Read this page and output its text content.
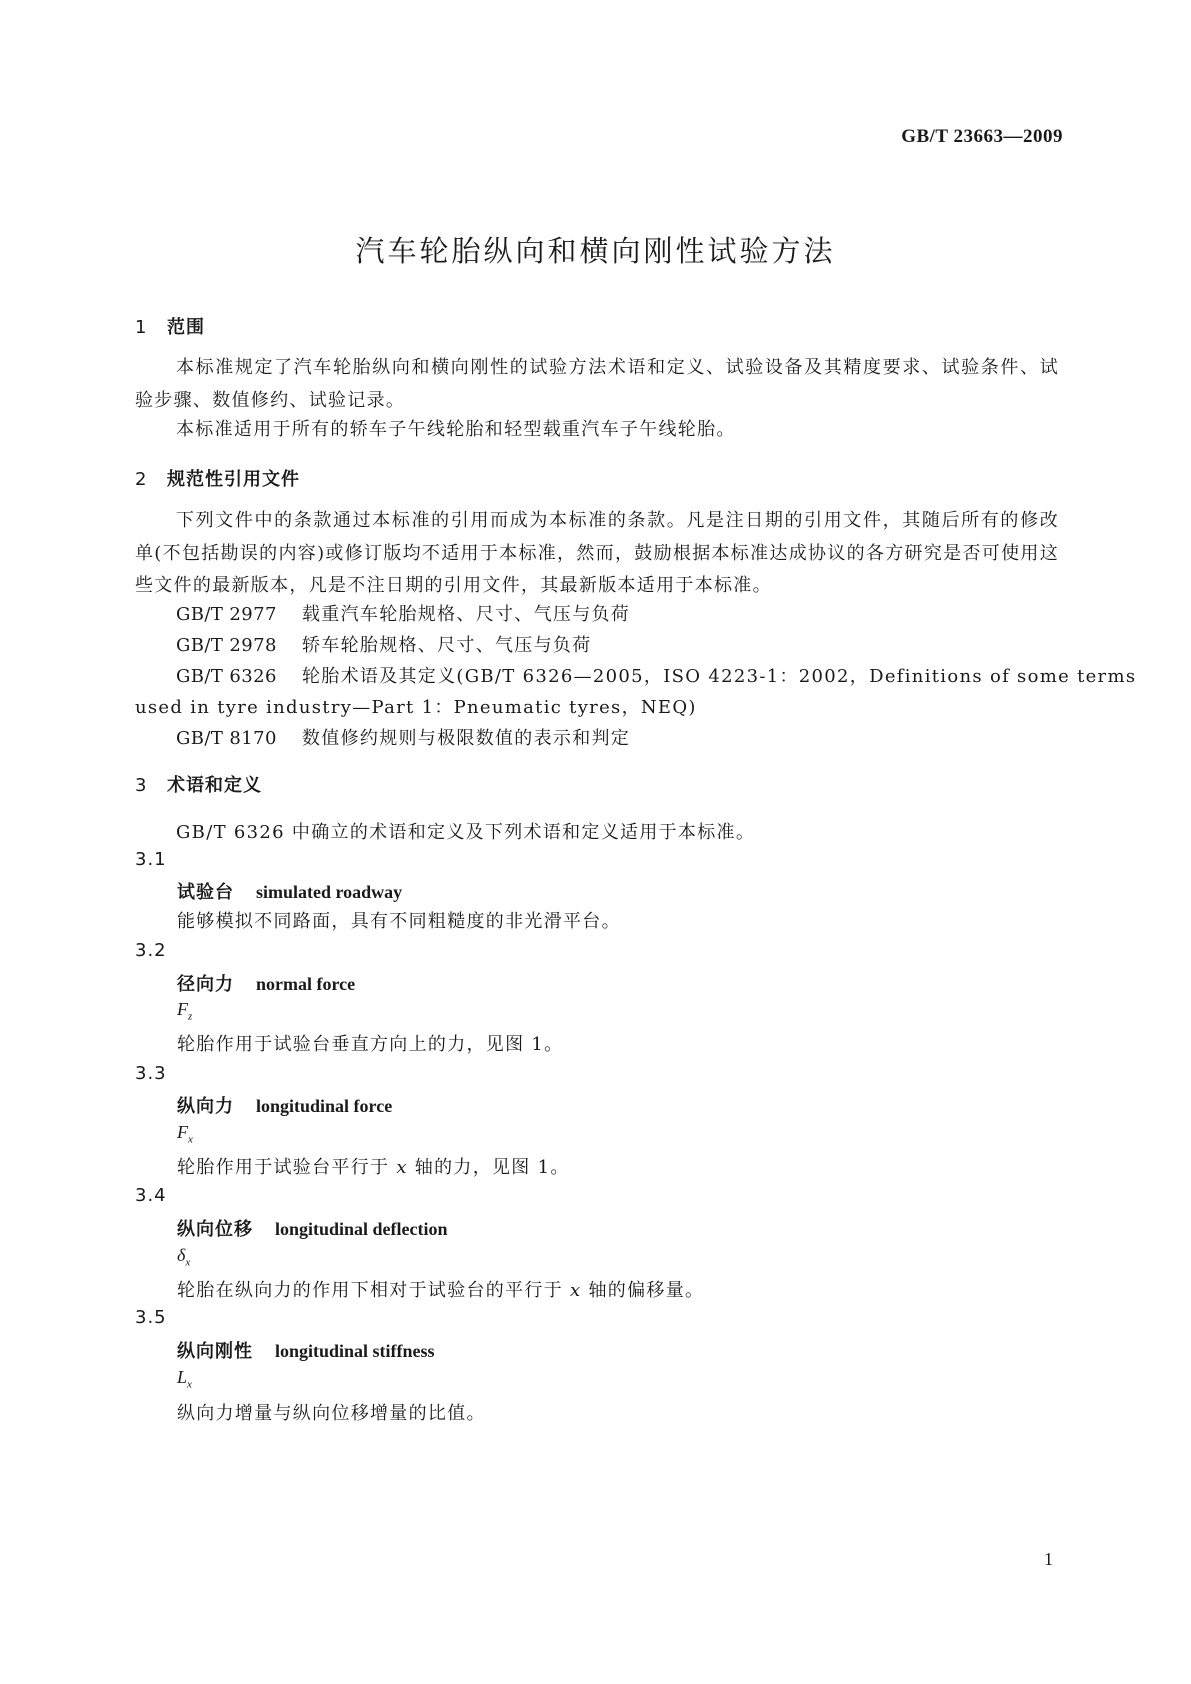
GB/T 23663—2009
汽车轮胎纵向和横向刚性试验方法
1 范围
本标准规定了汽车轮胎纵向和横向刚性的试验方法术语和定义、试验设备及其精度要求、试验条件、试验步骤、数值修约、试验记录。
本标准适用于所有的轿车子午线轮胎和轻型载重汽车子午线轮胎。
2 规范性引用文件
下列文件中的条款通过本标准的引用而成为本标准的条款。凡是注日期的引用文件，其随后所有的修改单(不包括勘误的内容)或修订版均不适用于本标准，然而，鼓励根据本标准达成协议的各方研究是否可使用这些文件的最新版本，凡是不注日期的引用文件，其最新版本适用于本标准。
GB/T 2977 载重汽车轮胎规格、尺寸、气压与负荷
GB/T 2978 轿车轮胎规格、尺寸、气压与负荷
GB/T 6326 轮胎术语及其定义(GB/T 6326—2005，ISO 4223-1：2002，Definitions of some terms
used in tyre industry—Part 1：Pneumatic tyres，NEQ)
GB/T 8170 数值修约规则与极限数值的表示和判定
3 术语和定义
GB/T 6326 中确立的术语和定义及下列术语和定义适用于本标准。
3.1
试验台 simulated roadway
能够模拟不同路面，具有不同粗糙度的非光滑平台。
3.2
径向力 normal force
$F_z$
轮胎作用于试验台垂直方向上的力，见图 1。
3.3
纵向力 longitudinal force
$F_x$
轮胎作用于试验台平行于 x 轴的力，见图 1。
3.4
纵向位移 longitudinal deflection
$\delta_x$
轮胎在纵向力的作用下相对于试验台的平行于 x 轴的偏移量。
3.5
纵向刚性 longitudinal stiffness
$L_x$
纵向力增量与纵向位移增量的比值。
1
